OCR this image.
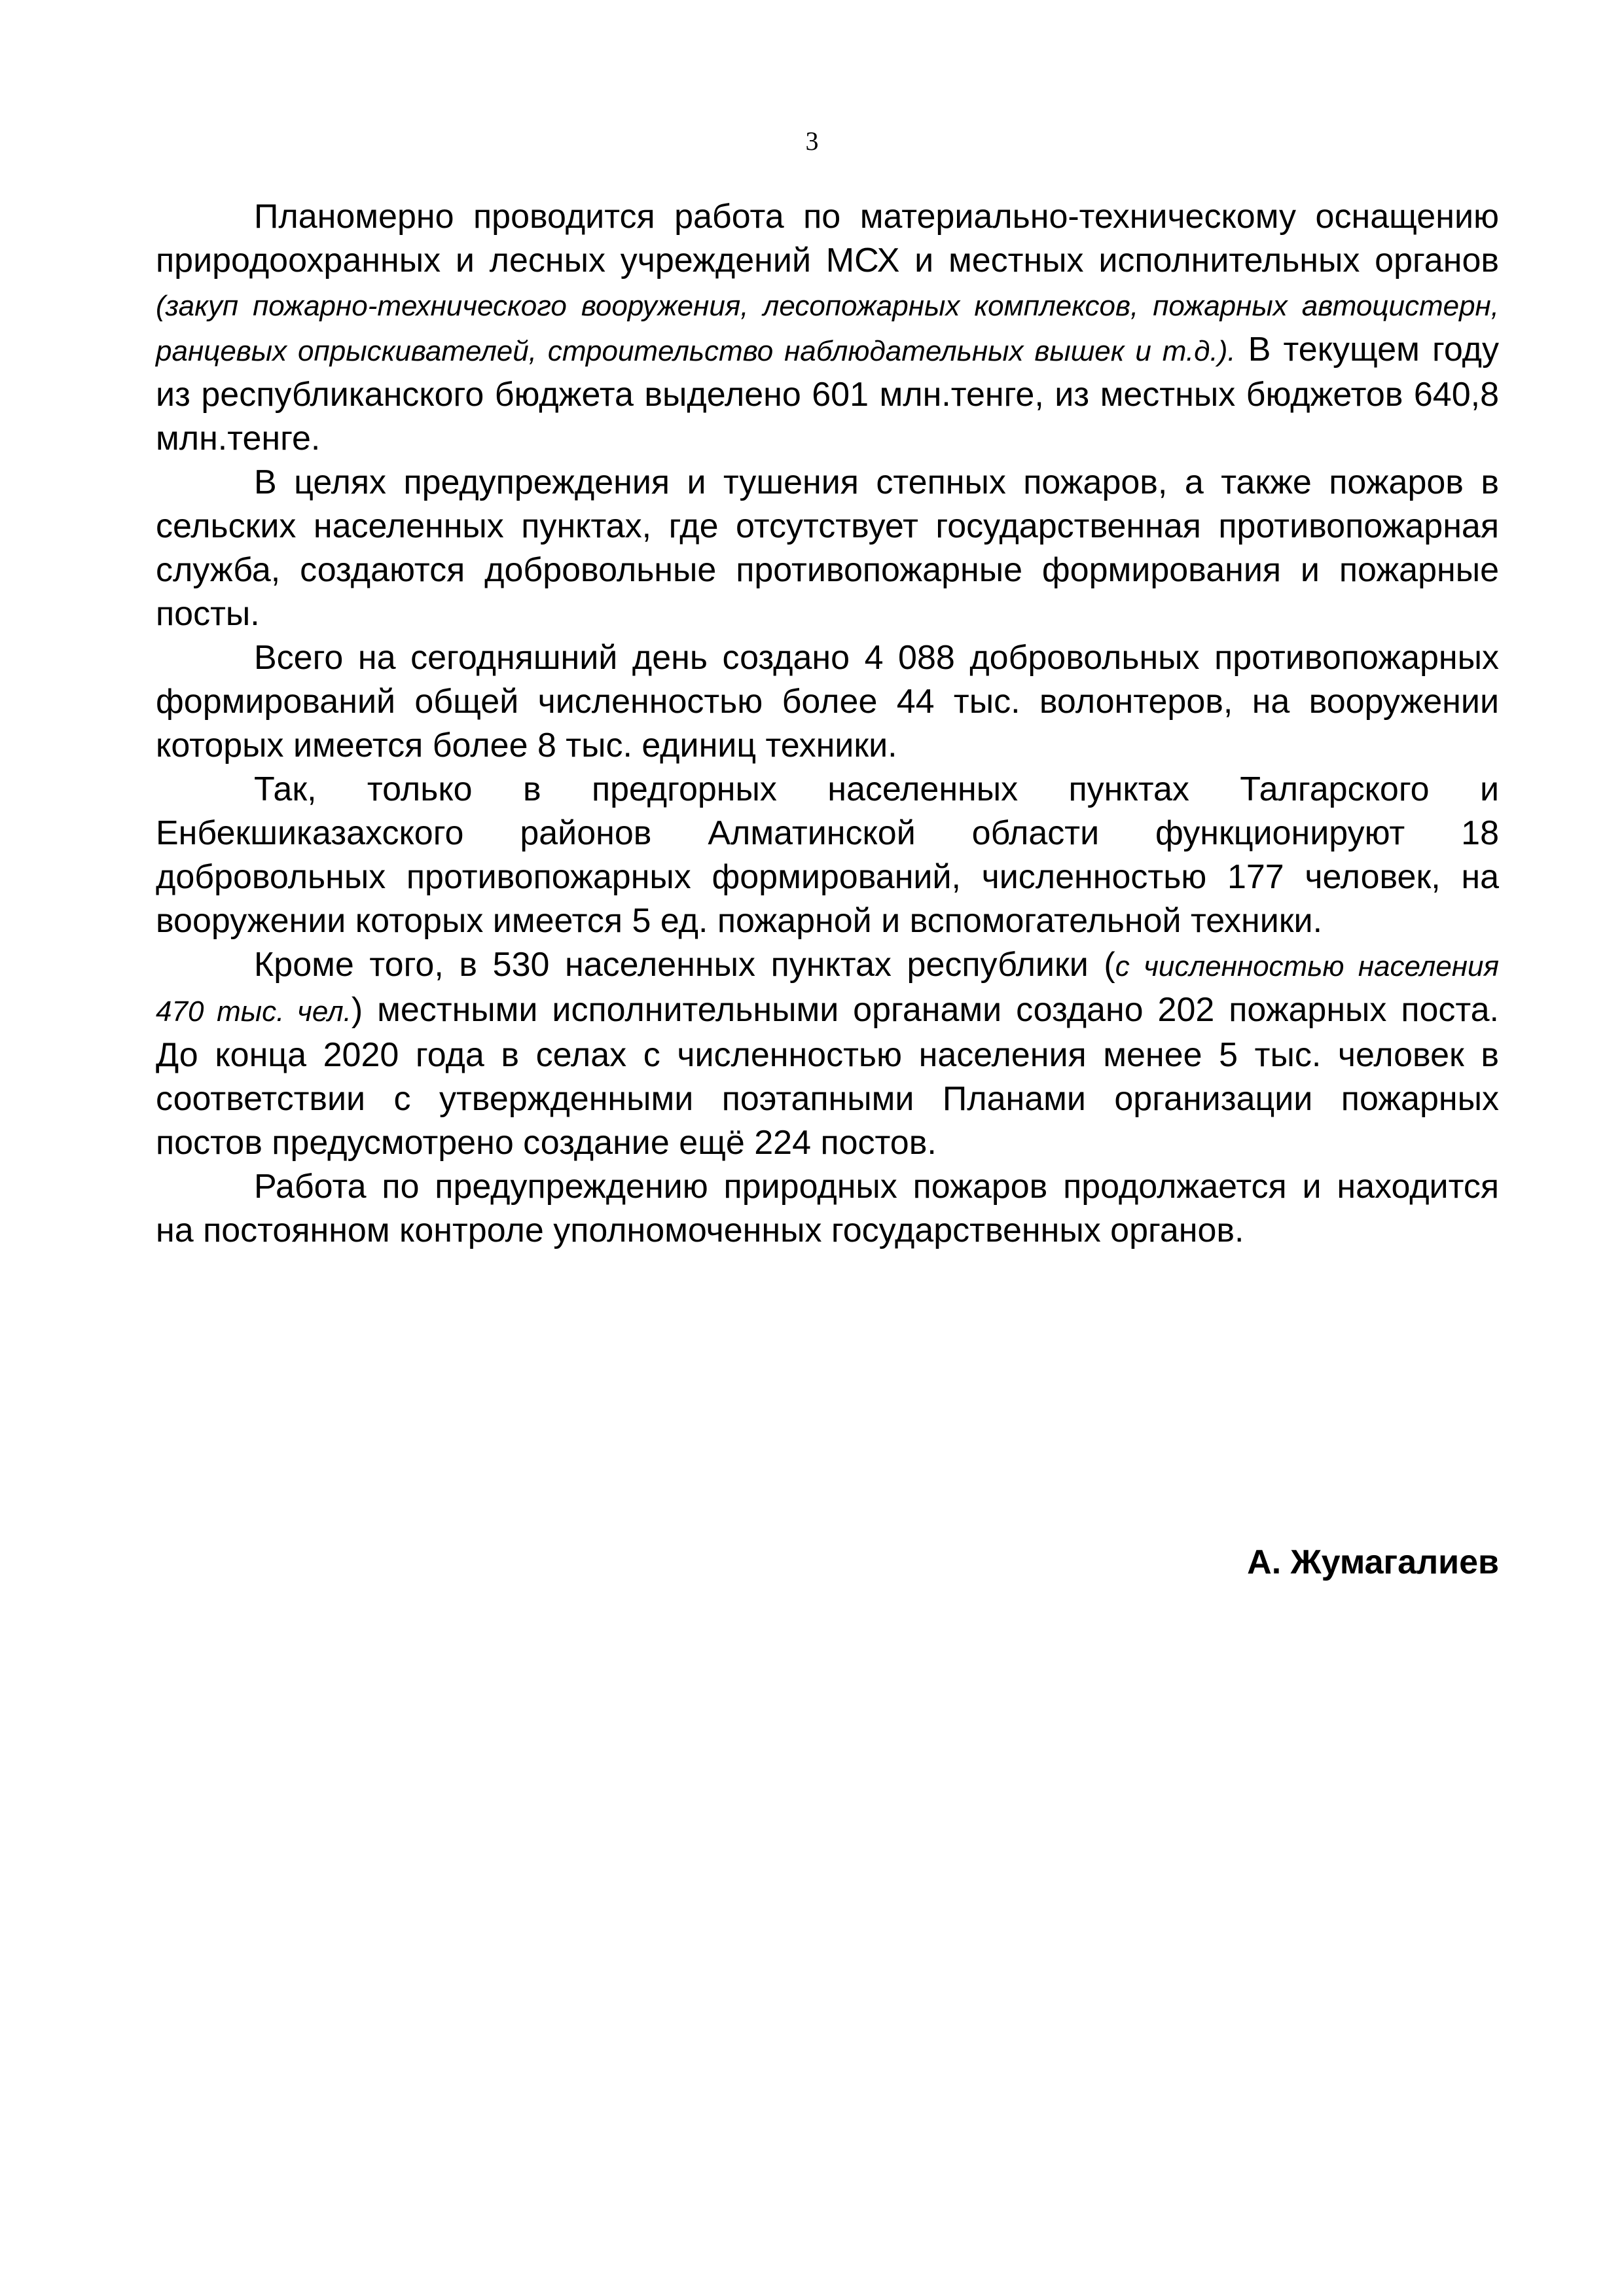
3

Планомерно проводится работа по материально-техническому оснащению природоохранных и лесных учреждений МСХ и местных исполнительных органов (закуп пожарно-технического вооружения, лесопожарных комплексов, пожарных автоцистерн, ранцевых опрыскивателей, строительство наблюдательных вышек и т.д.). В текущем году из республиканского бюджета выделено 601 млн.тенге, из местных бюджетов 640,8 млн.тенге.

В целях предупреждения и тушения степных пожаров, а также пожаров в сельских населенных пунктах, где отсутствует государственная противопожарная служба, создаются добровольные противопожарные формирования и пожарные посты.

Всего на сегодняшний день создано 4 088 добровольных противопожарных формирований общей численностью более 44 тыс. волонтеров, на вооружении которых имеется более 8 тыс. единиц техники.

Так, только в предгорных населенных пунктах Талгарского и Енбекшиказахского районов Алматинской области функционируют 18 добровольных противопожарных формирований, численностью 177 человек, на вооружении которых имеется 5 ед. пожарной и вспомогательной техники.

Кроме того, в 530 населенных пунктах республики (с численностью населения 470 тыс. чел.) местными исполнительными органами создано 202 пожарных поста. До конца 2020 года в селах с численностью населения менее 5 тыс. человек в соответствии с утвержденными поэтапными Планами организации пожарных постов предусмотрено создание ещё 224 постов.

Работа по предупреждению природных пожаров продолжается и находится на постоянном контроле уполномоченных государственных органов.

А. Жумагалиев
